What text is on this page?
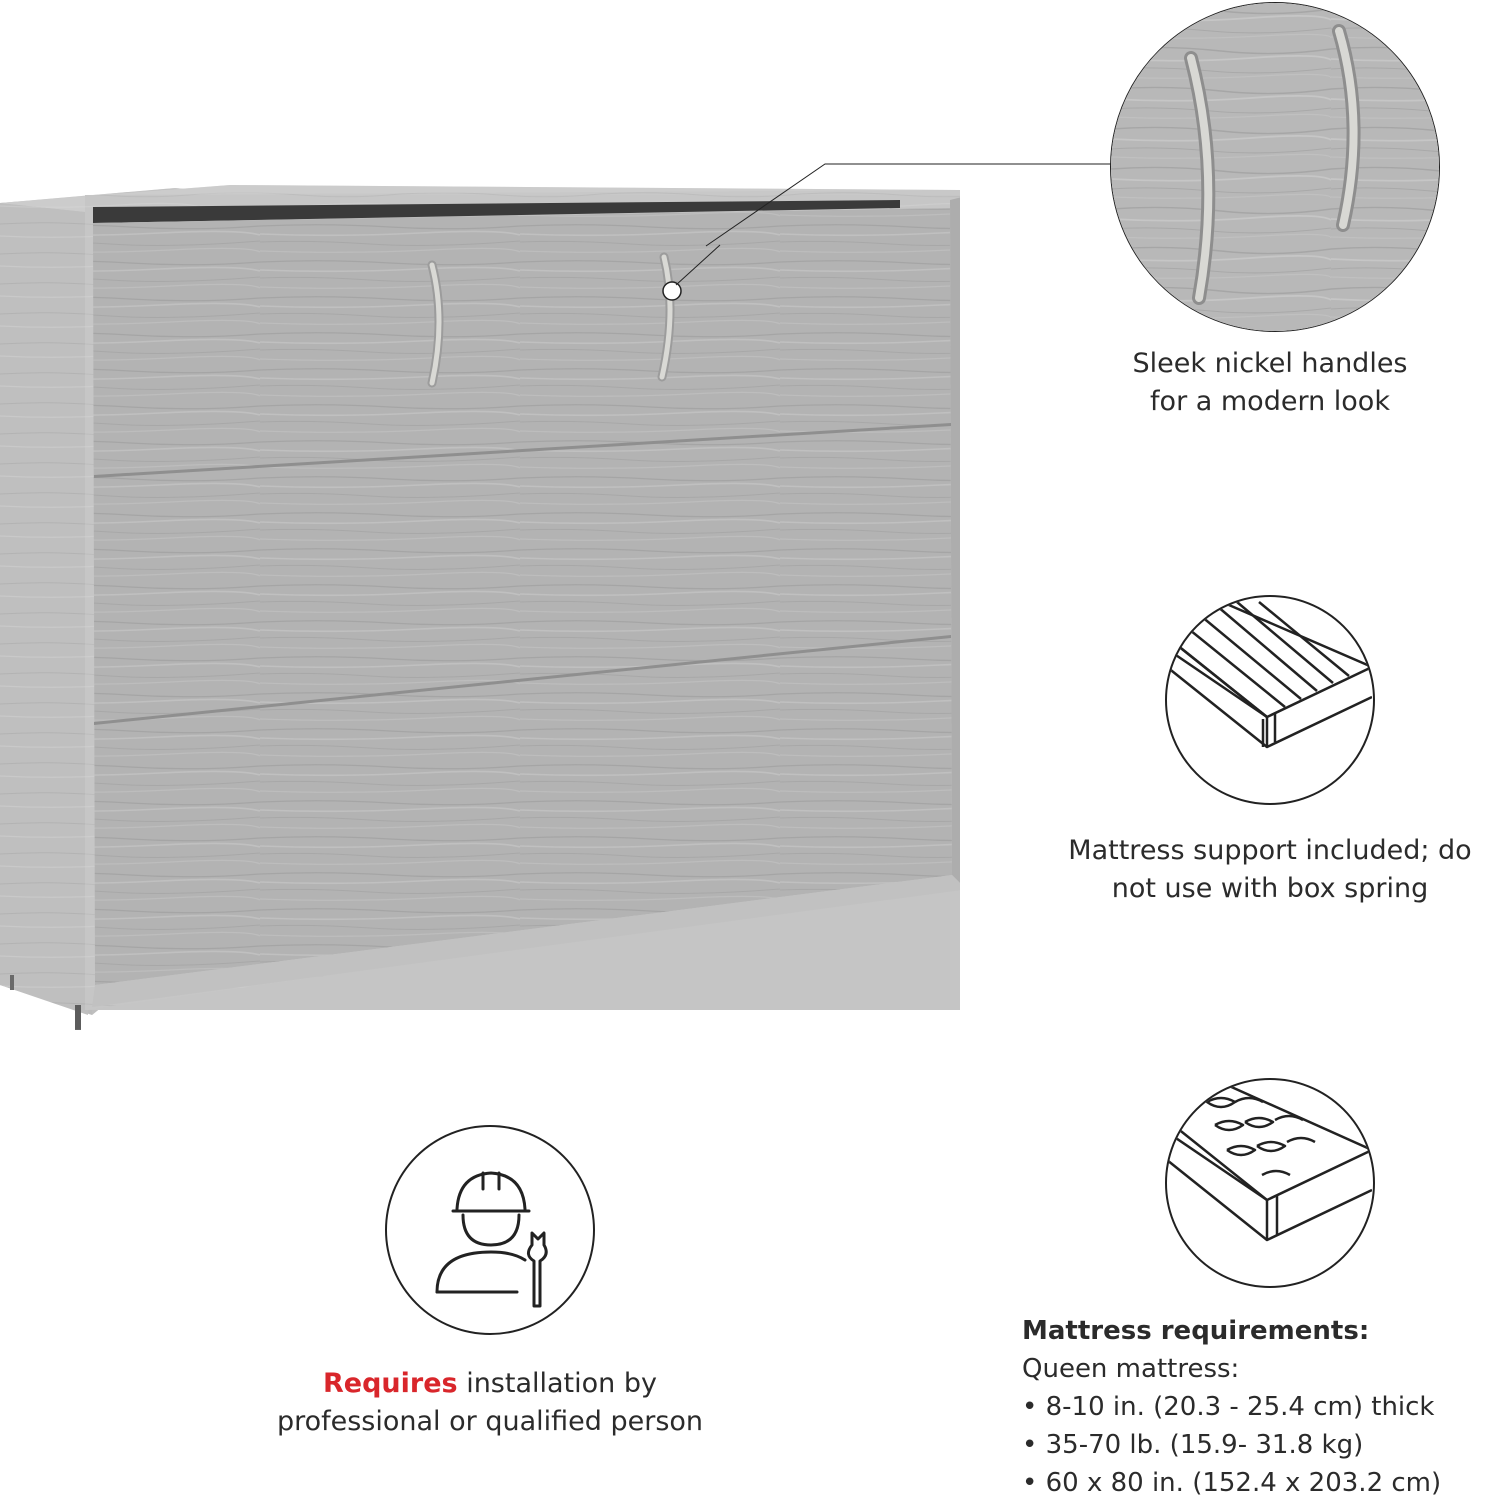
Sleek nickel handles
for a modern look
Mattress support included; do
not use with box spring
Requires installation by
professional or qualified person
Mattress requirements:
Queen mattress:
• 8-10 in. (20.3 - 25.4 cm) thick
• 35-70 lb. (15.9- 31.8 kg)
• 60 x 80 in. (152.4 x 203.2 cm)
